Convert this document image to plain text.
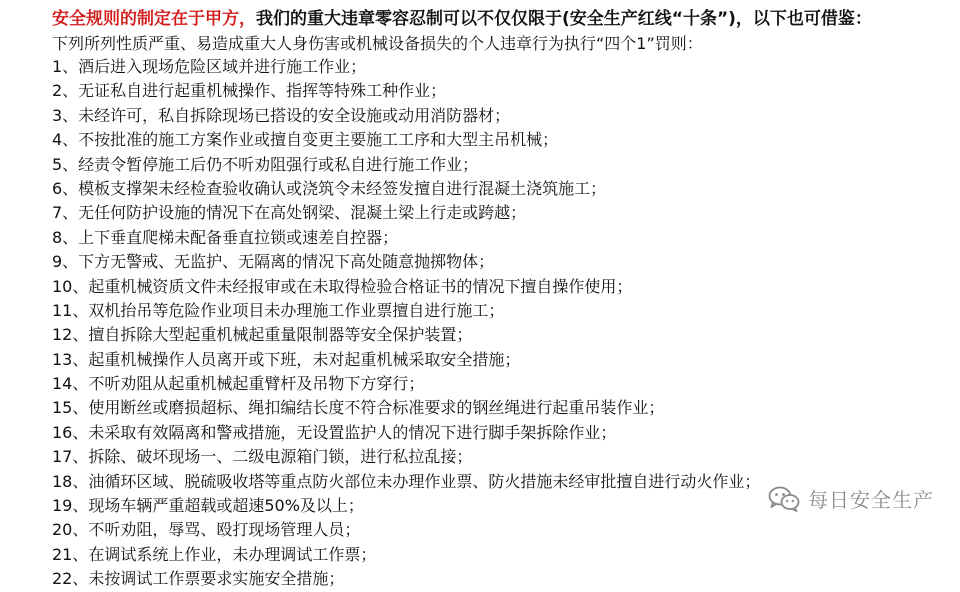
安全规则的制定在于甲方，我们的重大违章零容忍制可以不仅仅限于(安全生产红线“十条”)，以下也可借鉴：
下列所列性质严重、易造成重大人身伤害或机械设备损失的个人违章行为执行“四个1”罚则：
1、酒后进入现场危险区域并进行施工作业；
2、无证私自进行起重机械操作、指挥等特殊工种作业；
3、未经许可，私自拆除现场已搭设的安全设施或动用消防器材；
4、不按批准的施工方案作业或擅自变更主要施工工序和大型主吊机械；
5、经责令暂停施工后仍不听劝阻强行或私自进行施工作业；
6、模板支撑架未经检查验收确认或浇筑令未经签发擅自进行混凝土浇筑施工；
7、无任何防护设施的情况下在高处钢梁、混凝土梁上行走或跨越；
8、上下垂直爬梯未配备垂直拉锁或速差自控器；
9、下方无警戒、无监护、无隔离的情况下高处随意抛掷物体；
10、起重机械资质文件未经报审或在未取得检验合格证书的情况下擅自操作使用；
11、双机抬吊等危险作业项目未办理施工作业票擅自进行施工；
12、擅自拆除大型起重机械起重量限制器等安全保护装置；
13、起重机械操作人员离开或下班，未对起重机械采取安全措施；
14、不听劝阻从起重机械起重臂杆及吊物下方穿行；
15、使用断丝或磨损超标、绳扣编结长度不符合标准要求的钢丝绳进行起重吊装作业；
16、未采取有效隔离和警戒措施，无设置监护人的情况下进行脚手架拆除作业；
17、拆除、破坏现场一、二级电源箱门锁，进行私拉乱接；
18、油循环区域、脱硫吸收塔等重点防火部位未办理作业票、防火措施未经审批擅自进行动火作业；
19、现场车辆严重超载或超速50%及以上；
20、不听劝阻，辱骂、殴打现场管理人员；
21、在调试系统上作业，未办理调试工作票；
22、未按调试工作票要求实施安全措施；
每日安全生产
